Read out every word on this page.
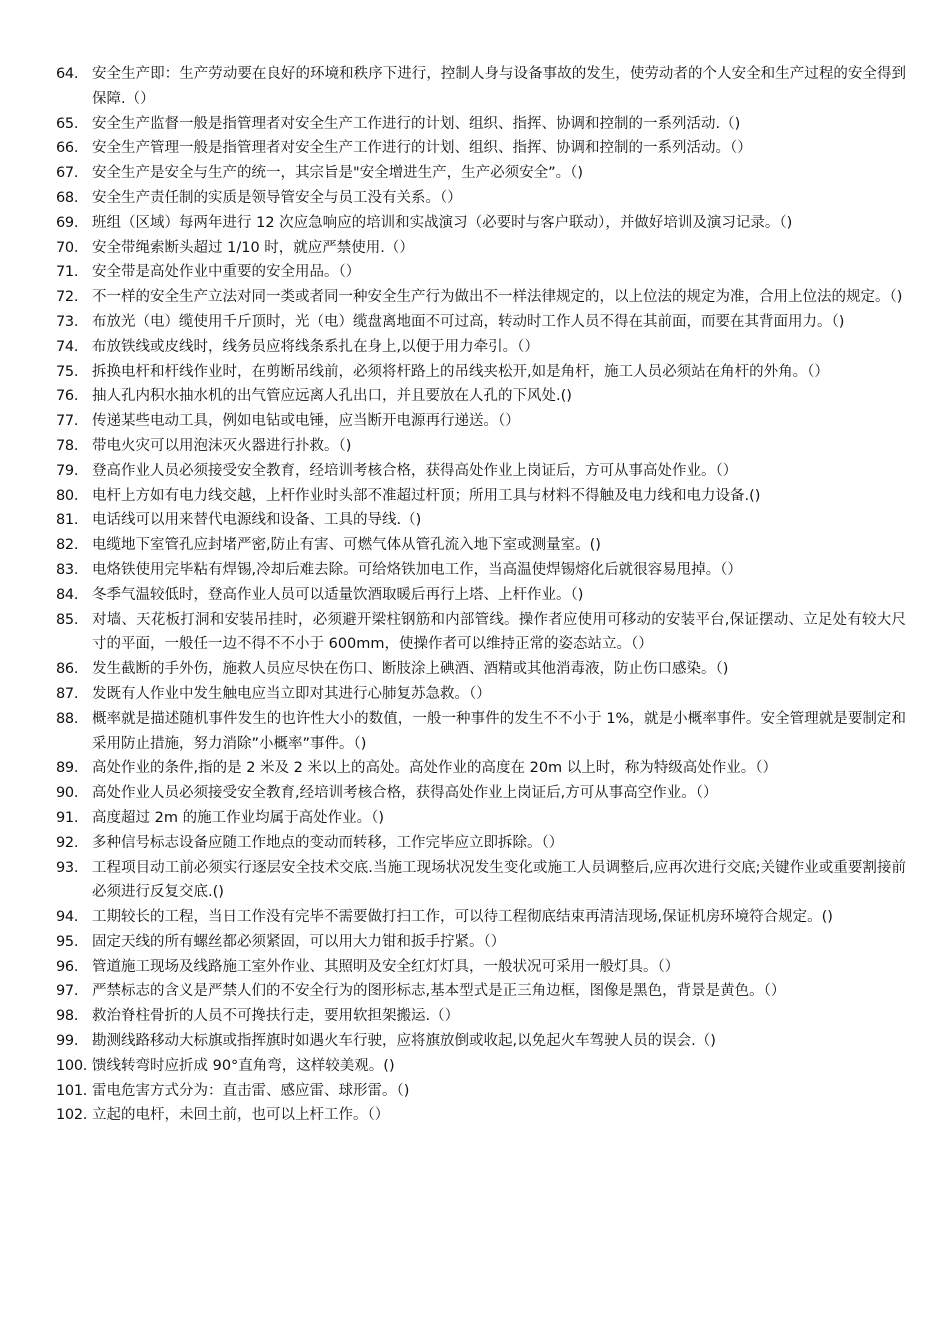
64. 安全生产即：生产劳动要在良好的环境和秩序下进行，控制人身与设备事故的发生，使劳动者的个人安全和生产过程的安全得到保障.（）
65. 安全生产监督一般是指管理者对安全生产工作进行的计划、组织、指挥、协调和控制的一系列活动.（)
66. 安全生产管理一般是指管理者对安全生产工作进行的计划、组织、指挥、协调和控制的一系列活动。（）
67. 安全生产是安全与生产的统一，其宗旨是"安全增进生产，生产必须安全”。（)
68. 安全生产责任制的实质是领导管安全与员工没有关系。（）
69. 班组（区域）每两年进行 12 次应急响应的培训和实战演习（必要时与客户联动），并做好培训及演习记录。（)
70. 安全带绳索断头超过 1/10 时，就应严禁使用.（）
71. 安全带是高处作业中重要的安全用品。（）
72. 不一样的安全生产立法对同一类或者同一种安全生产行为做出不一样法律规定的，以上位法的规定为准，合用上位法的规定。（)
73. 布放光（电）缆使用千斤顶时，光（电）缆盘离地面不可过高，转动时工作人员不得在其前面，而要在其背面用力。（)
74. 布放铁线或皮线时，线务员应将线条系扎在身上,以便于用力牵引。（）
75. 拆换电杆和杆线作业时，在剪断吊线前，必须将杆路上的吊线夹松开,如是角杆，施工人员必须站在角杆的外角。（）
76. 抽人孔内积水抽水机的出气管应远离人孔出口，并且要放在人孔的下风处.()
77. 传递某些电动工具，例如电钻或电锤，应当断开电源再行递送。（）
78. 带电火灾可以用泡沫灭火器进行扑救。（)
79. 登高作业人员必须接受安全教育，经培训考核合格，获得高处作业上岗证后，方可从事高处作业。（）
80. 电杆上方如有电力线交越，上杆作业时头部不准超过杆顶；所用工具与材料不得触及电力线和电力设备.()
81. 电话线可以用来替代电源线和设备、工具的导线.（)
82. 电缆地下室管孔应封堵严密,防止有害、可燃气体从管孔流入地下室或测量室。()
83. 电烙铁使用完毕粘有焊锡,冷却后难去除。可给烙铁加电工作，当高温使焊锡熔化后就很容易甩掉。（）
84. 冬季气温较低时，登高作业人员可以适量饮酒取暖后再行上塔、上杆作业。（)
85. 对墙、天花板打洞和安装吊挂时，必须避开梁柱钢筋和内部管线。操作者应使用可移动的安装平台,保证摆动、立足处有较大尺寸的平面，一般任一边不得不不小于 600mm，使操作者可以维持正常的姿态站立。（）
86. 发生截断的手外伤，施救人员应尽快在伤口、断肢涂上碘酒、酒精或其他消毒液，防止伤口感染。（)
87. 发既有人作业中发生触电应当立即对其进行心肺复苏急救。（）
88. 概率就是描述随机事件发生的也许性大小的数值，一般一种事件的发生不不小于 1%，就是小概率事件。安全管理就是要制定和采用防止措施，努力消除”小概率”事件。（)
89. 高处作业的条件,指的是 2 米及 2 米以上的高处。高处作业的高度在 20m 以上时，称为特级高处作业。（）
90. 高处作业人员必须接受安全教育,经培训考核合格，获得高处作业上岗证后,方可从事高空作业。（）
91. 高度超过 2m 的施工作业均属于高处作业。（)
92. 多种信号标志设备应随工作地点的变动而转移，工作完毕应立即拆除。（）
93. 工程项目动工前必须实行逐层安全技术交底.当施工现场状况发生变化或施工人员调整后,应再次进行交底;关键作业或重要割接前必须进行反复交底.()
94. 工期较长的工程，当日工作没有完毕不需要做打扫工作，可以待工程彻底结束再清洁现场,保证机房环境符合规定。()
95. 固定天线的所有螺丝都必须紧固，可以用大力钳和扳手拧紧。（）
96. 管道施工现场及线路施工室外作业、其照明及安全红灯灯具，一般状况可采用一般灯具。（）
97. 严禁标志的含义是严禁人们的不安全行为的图形标志,基本型式是正三角边框，图像是黑色，背景是黄色。（）
98. 救治脊柱骨折的人员不可搀扶行走，要用软担架搬运.（）
99. 勘测线路移动大标旗或指挥旗时如遇火车行驶，应将旗放倒或收起,以免起火车驾驶人员的误会.（)
100. 馈线转弯时应折成 90°直角弯，这样较美观。()
101. 雷电危害方式分为：直击雷、感应雷、球形雷。（)
102. 立起的电杆，未回土前，也可以上杆工作。（）
